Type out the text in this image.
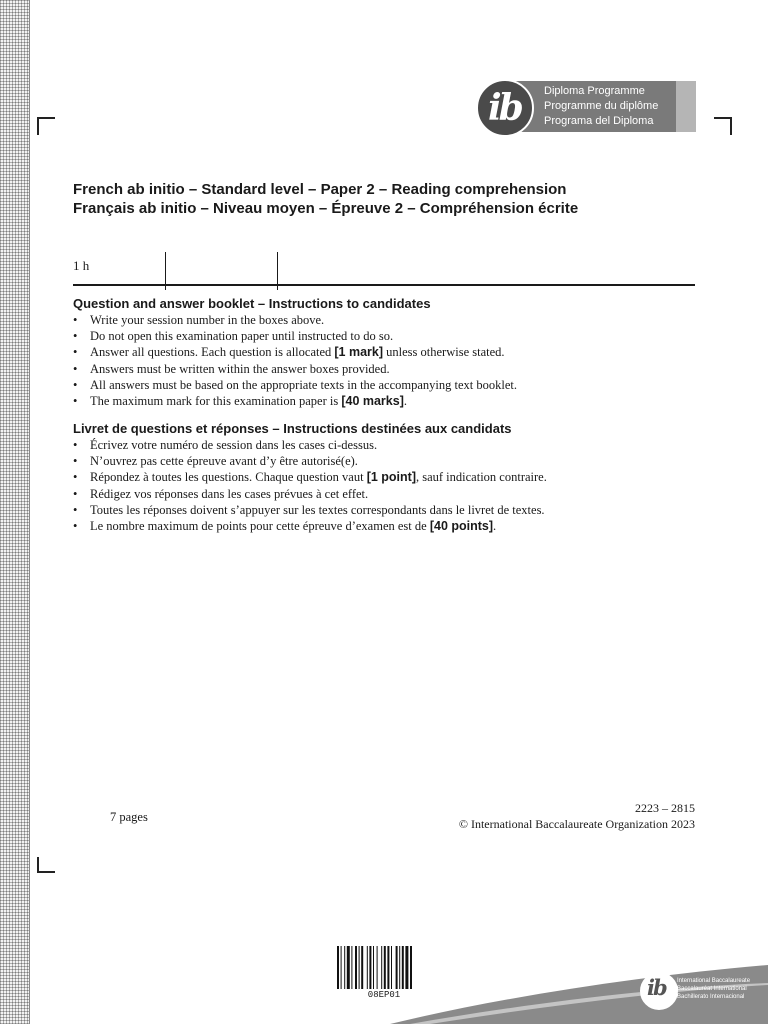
ib Diploma Programme
Programme du diplôme
Programa del Diploma
French ab initio – Standard level – Paper 2 – Reading comprehension
Français ab initio – Niveau moyen – Épreuve 2 – Compréhension écrite
1 h
Question and answer booklet – Instructions to candidates
• Write your session number in the boxes above.
• Do not open this examination paper until instructed to do so.
• Answer all questions. Each question is allocated [1 mark] unless otherwise stated.
• Answers must be written within the answer boxes provided.
• All answers must be based on the appropriate texts in the accompanying text booklet.
• The maximum mark for this examination paper is [40 marks].
Livret de questions et réponses – Instructions destinées aux candidats
• Écrivez votre numéro de session dans les cases ci-dessus.
• N’ouvrez pas cette épreuve avant d’y être autorisé(e).
• Répondez à toutes les questions. Chaque question vaut [1 point], sauf indication contraire.
• Rédigez vos réponses dans les cases prévues à cet effet.
• Toutes les réponses doivent s’appuyer sur les textes correspondants dans le livret de textes.
• Le nombre maximum de points pour cette épreuve d’examen est de [40 points].
7 pages
2223 – 2815
© International Baccalaureate Organization 2023
08EP01	ib International Baccalaureate
Baccalauréat International
Bachillerato Internacional
